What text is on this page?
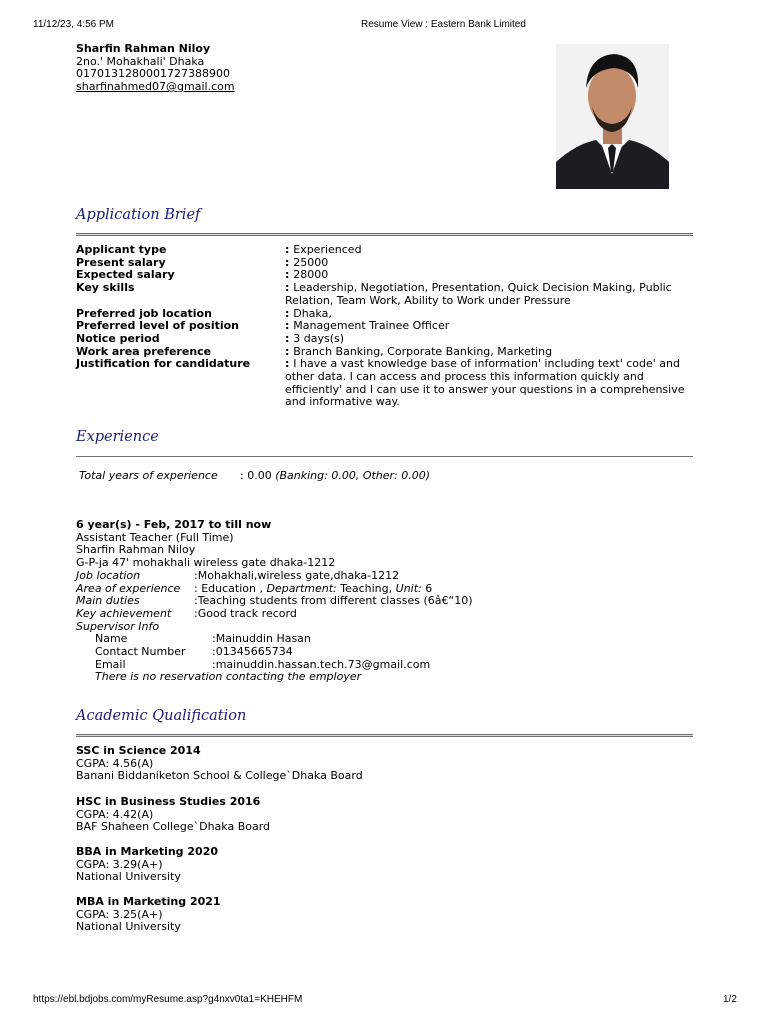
11/12/23, 4:56 PM	Resume View : Eastern Bank Limited
Sharfin Rahman Niloy
2no.' Mohakhali' Dhaka
01701312800017273889​00
sharfinahmed07@gmail.com
Application Brief
Applicant type	: Experienced
Present salary	: 25000
Expected salary	: 28000
Key skills	: Leadership, Negotiation, Presentation, Quick Decision Making, Public Relation, Team Work, Ability to Work under Pressure
Preferred job location	: Dhaka,
Preferred level of position	: Management Trainee Officer
Notice period	: 3 days(s)
Work area preference	: Branch Banking, Corporate Banking, Marketing
Justification for candidature	: I have a vast knowledge base of information' including text' code' and other data. I can access and process this information quickly and efficiently' and I can use it to answer your questions in a comprehensive and informative way.
Experience
Total years of experience : 0.00 (Banking: 0.00, Other: 0.00)
6 year(s) - Feb, 2017 to till now
Assistant Teacher (Full Time)
Sharfin Rahman Niloy
G-P-ja 47' mohakhali wireless gate dhaka-1212
Job location	:Mohakhali,wireless gate,dhaka-1212
Area of experience	: Education , Department: Teaching, Unit: 6
Main duties	:Teaching students from different classes (6â€“10)
Key achievement	:Good track record
Supervisor Info
Name	:Mainuddin Hasan
Contact Number	:01345665734
Email	:mainuddin.hassan.tech.73@gmail.com
There is no reservation contacting the employer
Academic Qualification
SSC in Science 2014
CGPA: 4.56(A)
Banani Biddaniketon School & College`Dhaka Board
HSC in Business Studies 2016
CGPA: 4.42(A)
BAF Shaheen College`Dhaka Board
BBA in Marketing 2020
CGPA: 3.29(A+)
National University
MBA in Marketing 2021
CGPA: 3.25(A+)
National University
https://ebl.bdjobs.com/myResume.asp?g4nxv0ta1=KHEHFM	1/2
